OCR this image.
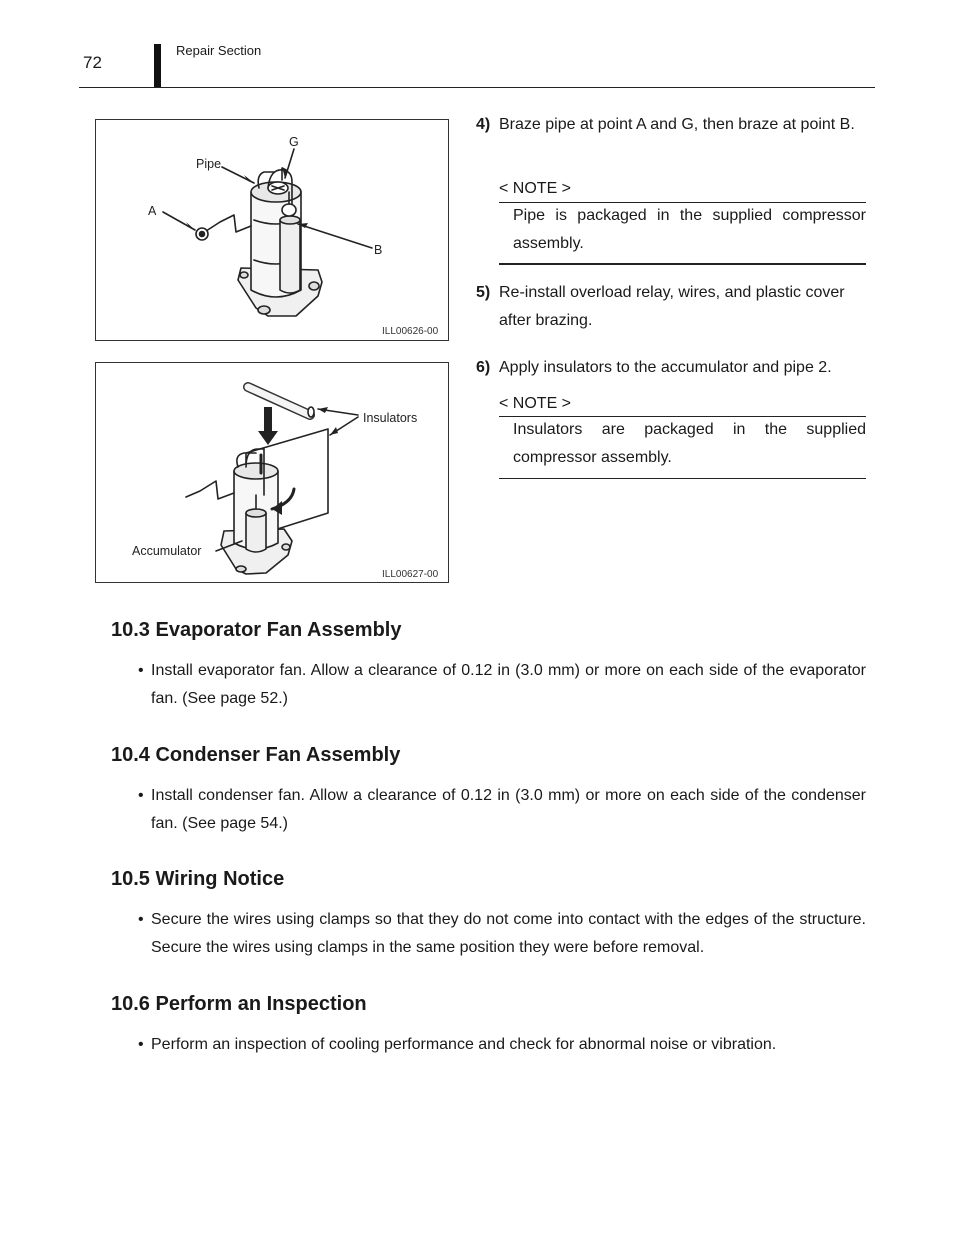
72
Repair Section
Pipe
G
A
B
ILL00626-00
Insulators
Accumulator
ILL00627-00
4) Braze pipe at point A and G, then braze at point B.
< NOTE >
Pipe is packaged in the supplied compressor assembly.
5) Re-install overload relay, wires, and plastic cover after brazing.
6) Apply insulators to the accumulator and pipe 2.
< NOTE >
Insulators are packaged in the supplied compressor assembly.
10.3 Evaporator Fan Assembly
• Install evaporator fan. Allow a clearance of 0.12 in (3.0 mm) or more on each side of the evaporator fan. (See page 52.)
10.4 Condenser Fan Assembly
• Install condenser fan. Allow a clearance of 0.12 in (3.0 mm) or more on each side of the condenser fan. (See page 54.)
10.5 Wiring Notice
• Secure the wires using clamps so that they do not come into contact with the edges of the structure. Secure the wires using clamps in the same position they were before removal.
10.6 Perform an Inspection
• Perform an inspection of cooling performance and check for abnormal noise or vibration.
